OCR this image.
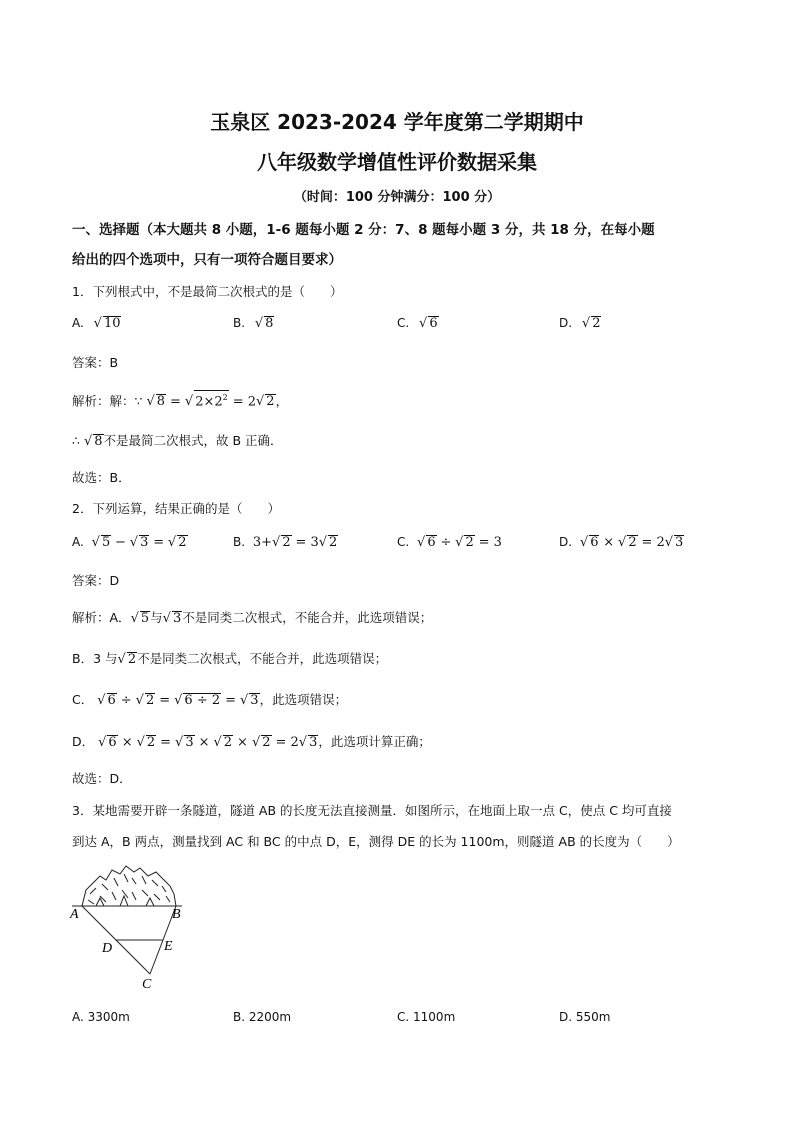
玉泉区 2023-2024 学年度第二学期期中
八年级数学增值性评价数据采集
（时间：100 分钟满分：100 分）
一、选择题（本大题共 8 小题，1-6 题每小题 2 分：7、8 题每小题 3 分，共 18 分，在每小题
给出的四个选项中，只有一项符合题目要求）
1．下列根式中，不是最简二次根式的是（　　）
A. √ 10	B. √ 8	C. √ 6	D. √ 2
答案：B
解析：解：∵ √ 8 = √ $2\times 2^2 = 2√$ 2，
∴ √ 8不是最简二次根式，故 B 正确．
故选：B．
2．下列运算，结果正确的是（　　）
A. √ 5 − √ 3 = √ 2	B. 3+√ 2 = 3√ 2	C. √ 6 ÷ √ 2 = 3	D. √ 6 × √ 2 = 2√ 3
答案：D
解析：A．√ 5与√ 3不是同类二次根式，不能合并，此选项错误；
B．3 与√ 2不是同类二次根式，不能合并，此选项错误；
C． √ 6 ÷ √ 2 = √ 6 ÷ 2 = √ 3，此选项错误；
D． √ 6 × √ 2 = √ 3 × √ 2 × √ 2 = 2√ 3，此选项计算正确；
故选：D．
3．某地需要开辟一条隧道，隧道 AB 的长度无法直接测量．如图所示，在地面上取一点 C，使点 C 均可直接
到达 A，B 两点，测量找到 AC 和 BC 的中点 D，E，测得 DE 的长为 1100m，则隧道 AB 的长度为（　　）
A	B
D	E
C
A. 3300m	B. 2200m	C. 1100m	D. 550m
